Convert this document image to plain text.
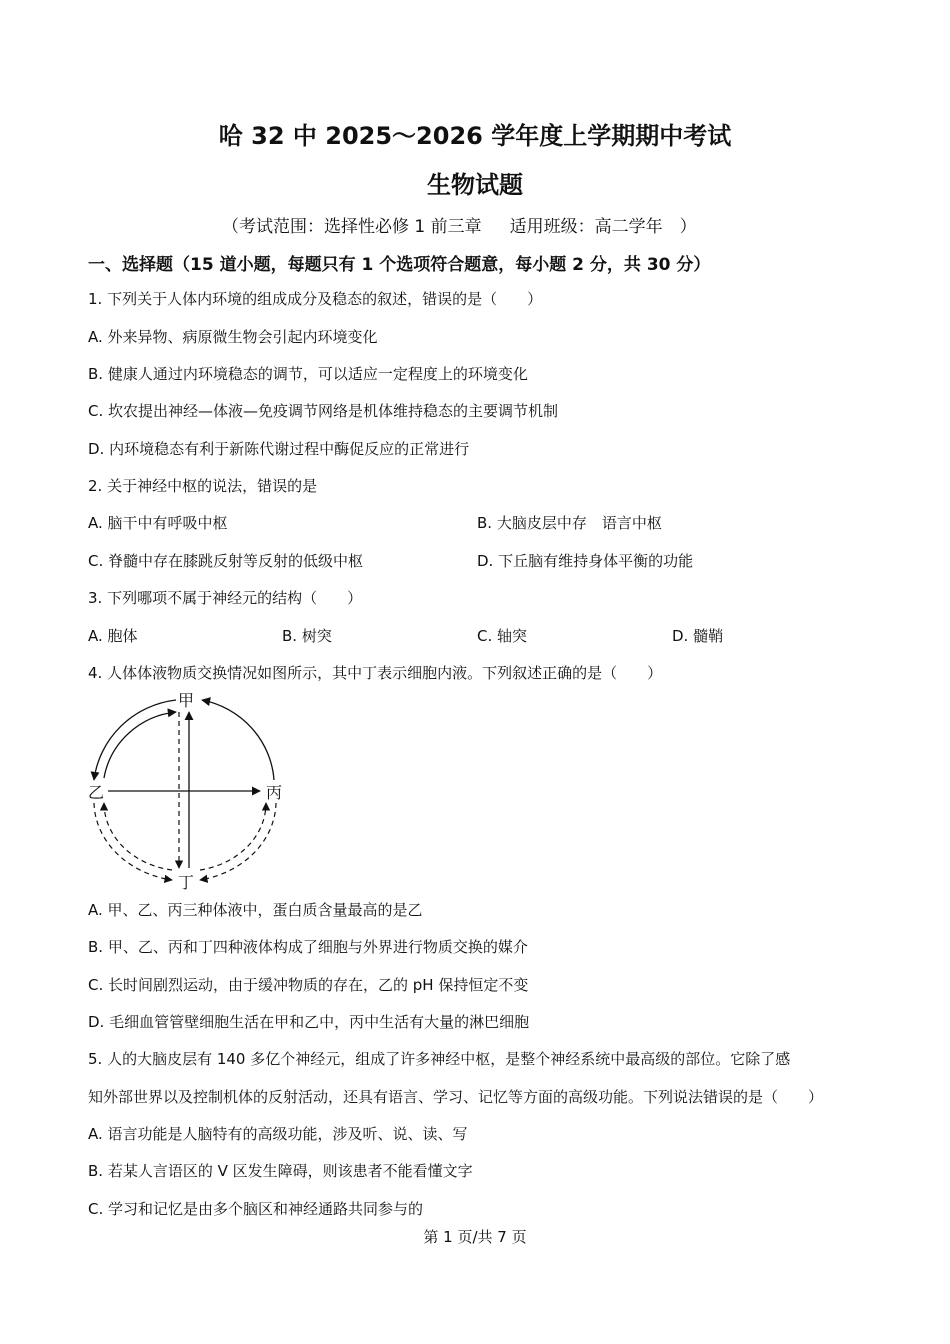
哈 32 中 2025～2026 学年度上学期期中考试
生物试题
（考试范围：选择性必修 1 前三章 适用班级：高二学年　）
一、选择题（15 道小题，每题只有 1 个选项符合题意，每小题 2 分，共 30 分）
1. 下列关于人体内环境的组成成分及稳态的叙述，错误的是（　　）
A. 外来异物、病原微生物会引起内环境变化
B. 健康人通过内环境稳态的调节，可以适应一定程度上的环境变化
C. 坎农提出神经—体液—免疫调节网络是机体维持稳态的主要调节机制
D. 内环境稳态有利于新陈代谢过程中酶促反应的正常进行
2. 关于神经中枢的说法，错误的是
A. 脑干中有呼吸中枢	B. 大脑皮层中存　语言中枢
C. 脊髓中存在膝跳反射等反射的低级中枢	D. 下丘脑有维持身体平衡的功能
3. 下列哪项不属于神经元的结构（　　）
A. 胞体	B. 树突	C. 轴突	D. 髓鞘
4. 人体体液物质交换情况如图所示，其中丁表示细胞内液。下列叙述正确的是（　　）
甲
乙	丙
丁
A. 甲、乙、丙三种体液中，蛋白质含量最高的是乙
B. 甲、乙、丙和丁四种液体构成了细胞与外界进行物质交换的媒介
C. 长时间剧烈运动，由于缓冲物质的存在，乙的 pH 保持恒定不变
D. 毛细血管管壁细胞生活在甲和乙中，丙中生活有大量的淋巴细胞
5. 人的大脑皮层有 140 多亿个神经元，组成了许多神经中枢，是整个神经系统中最高级的部位。它除了感
知外部世界以及控制机体的反射活动，还具有语言、学习、记忆等方面的高级功能。下列说法错误的是（　　）
A. 语言功能是人脑特有的高级功能，涉及听、说、读、写
B. 若某人言语区的 V 区发生障碍，则该患者不能看懂文字
C. 学习和记忆是由多个脑区和神经通路共同参与的
第 1 页/共 7 页
